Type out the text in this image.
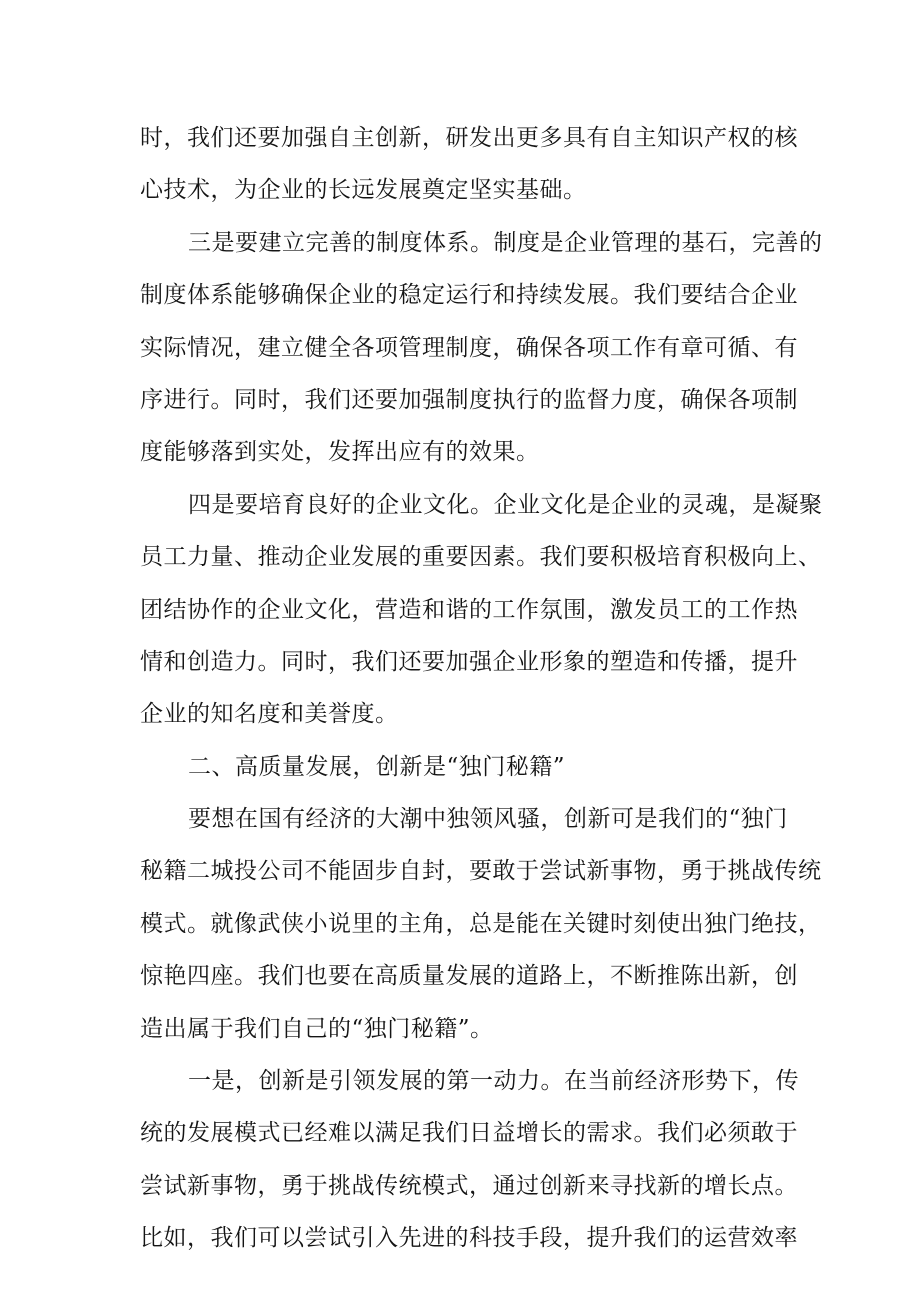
时，我们还要加强自主创新，研发出更多具有自主知识产权的核
心技术，为企业的长远发展奠定坚实基础。
三是要建立完善的制度体系。制度是企业管理的基石，完善的
制度体系能够确保企业的稳定运行和持续发展。我们要结合企业
实际情况，建立健全各项管理制度，确保各项工作有章可循、有
序进行。同时，我们还要加强制度执行的监督力度，确保各项制
度能够落到实处，发挥出应有的效果。
四是要培育良好的企业文化。企业文化是企业的灵魂，是凝聚
员工力量、推动企业发展的重要因素。我们要积极培育积极向上、
团结协作的企业文化，营造和谐的工作氛围，激发员工的工作热
情和创造力。同时，我们还要加强企业形象的塑造和传播，提升
企业的知名度和美誉度。
二、高质量发展，创新是“独门秘籍”
要想在国有经济的大潮中独领风骚，创新可是我们的“独门
秘籍二城投公司不能固步自封，要敢于尝试新事物，勇于挑战传统
模式。就像武侠小说里的主角，总是能在关键时刻使出独门绝技，
惊艳四座。我们也要在高质量发展的道路上，不断推陈出新，创
造出属于我们自己的“独门秘籍”。
一是，创新是引领发展的第一动力。在当前经济形势下，传
统的发展模式已经难以满足我们日益增长的需求。我们必须敢于
尝试新事物，勇于挑战传统模式，通过创新来寻找新的增长点。
比如，我们可以尝试引入先进的科技手段，提升我们的运营效率
